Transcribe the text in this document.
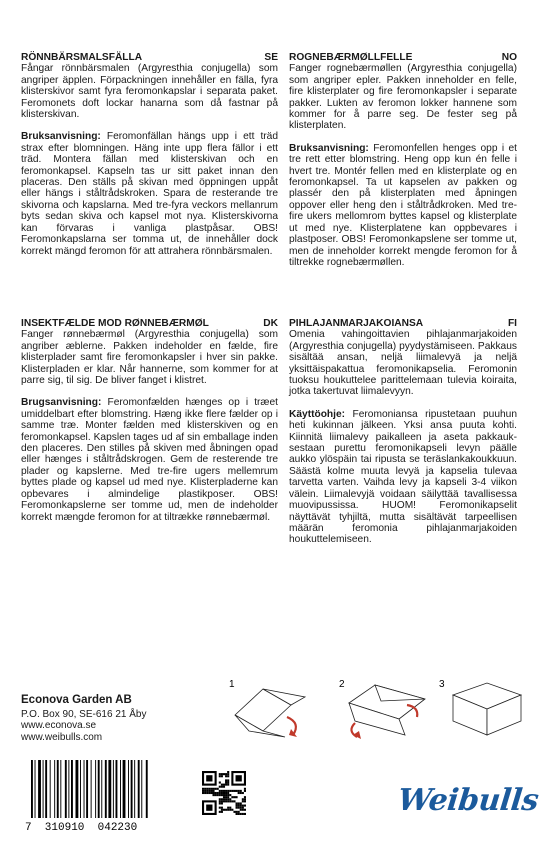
RÖNNBÄRSMALSFÄLLA	SE

Fångar rönnbärsmalen (Argyresthia conjugella) som angriper äpplen. Förpackningen innehåller en fälla, fyra klisterskivor samt fyra feromonkapslar i separata paket. Feromonets doft lockar hanarna som då fastnar på klisterskivan.

Bruksanvisning: Feromonfällan hängs upp i ett träd strax efter blomningen. Häng inte upp flera fällor i ett träd. Montera fällan med klisterskivan och en feromonkapsel. Kapseln tas ur sitt paket innan den placeras. Den ställs på skivan med öppningen uppåt eller hängs i ståltrådskroken. Spara de resterande tre skivorna och kapslarna. Med tre-fyra veckors mellanrum byts sedan skiva och kapsel mot nya. Klisterskivorna kan förvaras i vanliga plastpåsar. OBS! Feromonkapslarna ser tomma ut, de innehåller dock korrekt mängd feromon för att attrahera rönnbärsmalen.

ROGNEBÆRMØLLFELLE	NO

Fanger rognebærmøllen (Argyresthia conjugella) som angriper epler. Pakken inneholder en felle, fire klisterplater og fire feromonkapsler i separate pakker. Lukten av feromon lokker hannene som kommer for å parre seg. De fester seg på klisterplaten.

Bruksanvisning: Feromonfellen henges opp i et tre rett etter blomstring. Heng opp kun én felle i hvert tre. Montér fellen med en klisterplate og en feromonkapsel. Ta ut kapselen av pakken og plassér den på klisterplaten med åpningen oppover eller heng den i ståltrådkroken. Med tre-fire ukers mellomrom byttes kapsel og klisterplate ut med nye. Klisterplatene kan oppbevares i plastposer. OBS! Feromonkapslene ser tomme ut, men de inneholder korrekt mengde feromon for å tiltrekke rognebærmøllen.

INSEKTFÆLDE MOD RØNNEBÆRMØL	DK

Fanger rønnebærmøl (Argyresthia conjugella) som angriber æblerne. Pakken indeholder en fælde, fire klisterplader samt fire feromonkapsler i hver sin pakke. Klisterpladen er klar. Når hannerne, som kommer for at parre sig, til sig. De bliver fanget i klistret.

Brugsanvisning: Feromonfælden hænges op i træet umiddelbart efter blomstring. Hæng ikke flere fælder op i samme træ. Monter fælden med klisterskiven og en feromonkapsel. Kapslen tages ud af sin emballage inden den placeres. Den stilles på skiven med åbningen opad eller hænges i ståltrådskrogen. Gem de resterende tre plader og kapslerne. Med tre-fire ugers mellemrum byttes plade og kapsel ud med nye. Klisterpladerne kan opbevares i almindelige plastikposer. OBS! Feromonkapslerne ser tomme ud, men de indeholder korrekt mængde feromon for at tiltrække rønnebærmøl.

PIHLAJANMARJAKOIANSA	FI

Omenia vahingoittavien pihlajanmarjakoiden (Argyresthia conjugella) pyydystämiseen. Pakkaus sisältää ansan, neljä liimalevyä ja neljä yksittäispakattua feromonikapselia. Feromonin tuoksu houkuttelee parittelemaan tulevia koiraita, jotka takertuvat liimalevyyn.

Käyttöohje: Feromonians​a ripustetaan puuhun heti kukinnan jälkeen. Yksi ansa puuta kohti. Kiinnitä liimalevy paikalleen ja aseta pakkauksestaan purettu feromonikapseli levyn päälle aukko ylöspäin tai ripusta se teräslankakoukkuun. Säästä kolme muuta levyä ja kapselia tulevaa tarvetta varten. Vaihda levy ja kapseli 3-4 viikon välein. Liimalevyjä voidaan säilyttää tavallisessa muovipussissa. HUOM! Feromonikapselit näyttävät tyhjiltä, mutta sisältävät tarpeellisen määrän feromonia pihlajanmarjakoiden houkuttelemiseen.

Econova Garden AB
P.O. Box 90, SE-616 21 Åby
www.econova.se
www.weibulls.com
1	2	3
7  310910  042230
Weibulls
